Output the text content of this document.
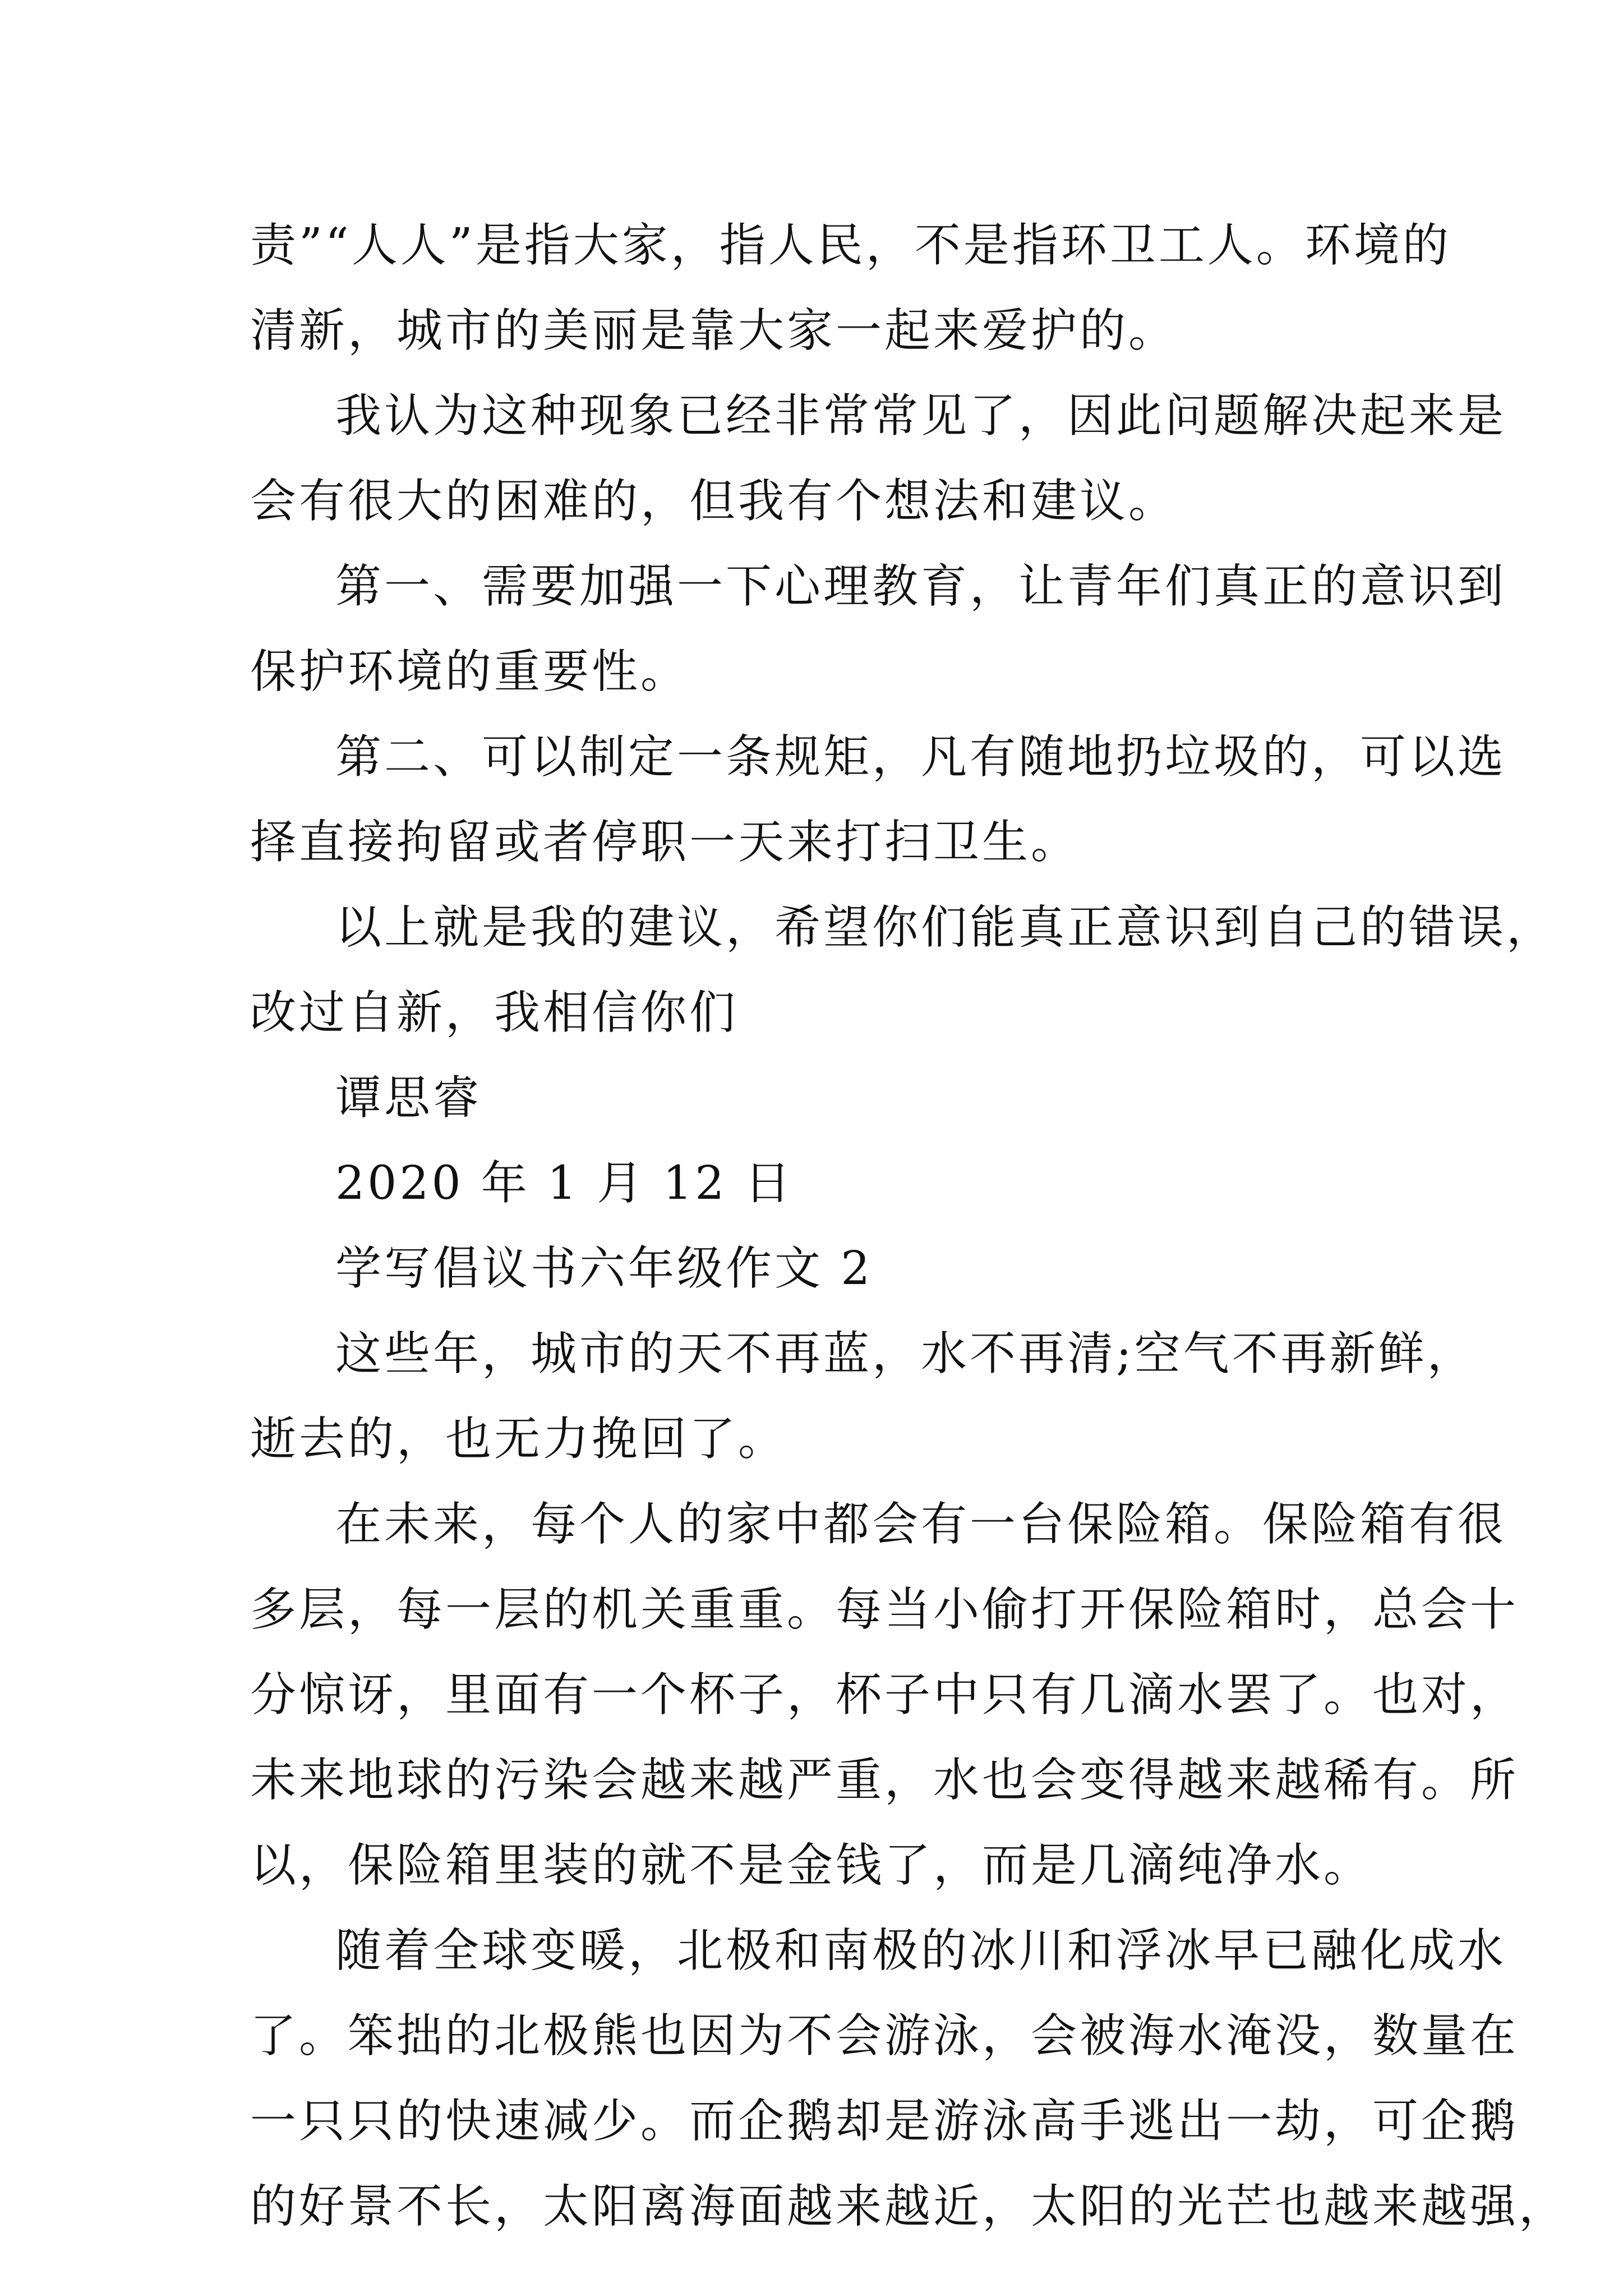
责”“人人”是指大家，指人民，不是指环卫工人。环境的
清新，城市的美丽是靠大家一起来爱护的。
我认为这种现象已经非常常见了，因此问题解决起来是
会有很大的困难的，但我有个想法和建议。
第一、需要加强一下心理教育，让青年们真正的意识到
保护环境的重要性。
第二、可以制定一条规矩，凡有随地扔垃圾的，可以选
择直接拘留或者停职一天来打扫卫生。
以上就是我的建议，希望你们能真正意识到自己的错误，
改过自新，我相信你们
谭思睿
2020 年 1 月 12 日
学写倡议书六年级作文 2
这些年，城市的天不再蓝，水不再清;空气不再新鲜，
逝去的，也无力挽回了。
在未来，每个人的家中都会有一台保险箱。保险箱有很
多层，每一层的机关重重。每当小偷打开保险箱时，总会十
分惊讶，里面有一个杯子，杯子中只有几滴水罢了。也对，
未来地球的污染会越来越严重，水也会变得越来越稀有。所
以，保险箱里装的就不是金钱了，而是几滴纯净水。
随着全球变暖，北极和南极的冰川和浮冰早已融化成水
了。笨拙的北极熊也因为不会游泳，会被海水淹没，数量在
一只只的快速减少。而企鹅却是游泳高手逃出一劫，可企鹅
的好景不长，太阳离海面越来越近，太阳的光芒也越来越强，
